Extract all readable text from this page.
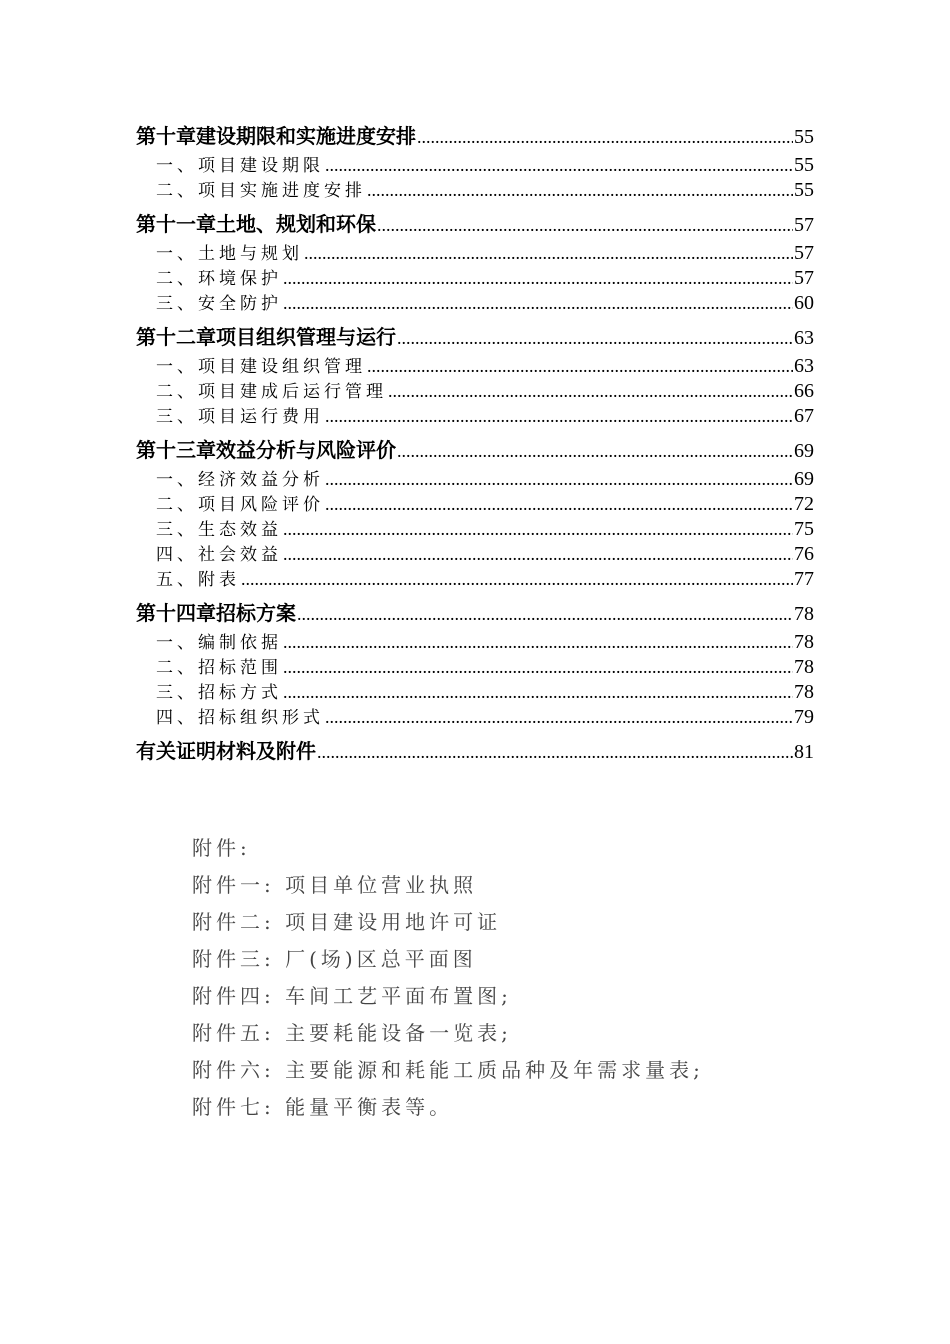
第十章建设期限和实施进度安排 .....	55
一、项目建设期限 .....	55
二、项目实施进度安排 .....	55
第十一章土地、规划和环保 .....	57
一、土地与规划 .....	57
二、环境保护 .....	57
三、安全防护 .....	60
第十二章项目组织管理与运行 .....	63
一、项目建设组织管理 .....	63
二、项目建成后运行管理 .....	66
三、项目运行费用 .....	67
第十三章效益分析与风险评价 .....	69
一、经济效益分析 .....	69
二、项目风险评价 .....	72
三、生态效益 .....	75
四、社会效益 .....	76
五、附表 .....	77
第十四章招标方案 .....	78
一、编制依据 .....	78
二、招标范围 .....	78
三、招标方式 .....	78
四、招标组织形式 .....	79
有关证明材料及附件 .....	81
附件:
附件一: 项目单位营业执照
附件二: 项目建设用地许可证
附件三: 厂(场)区总平面图
附件四: 车间工艺平面布置图;
附件五: 主要耗能设备一览表;
附件六: 主要能源和耗能工质品种及年需求量表;
附件七: 能量平衡表等。
